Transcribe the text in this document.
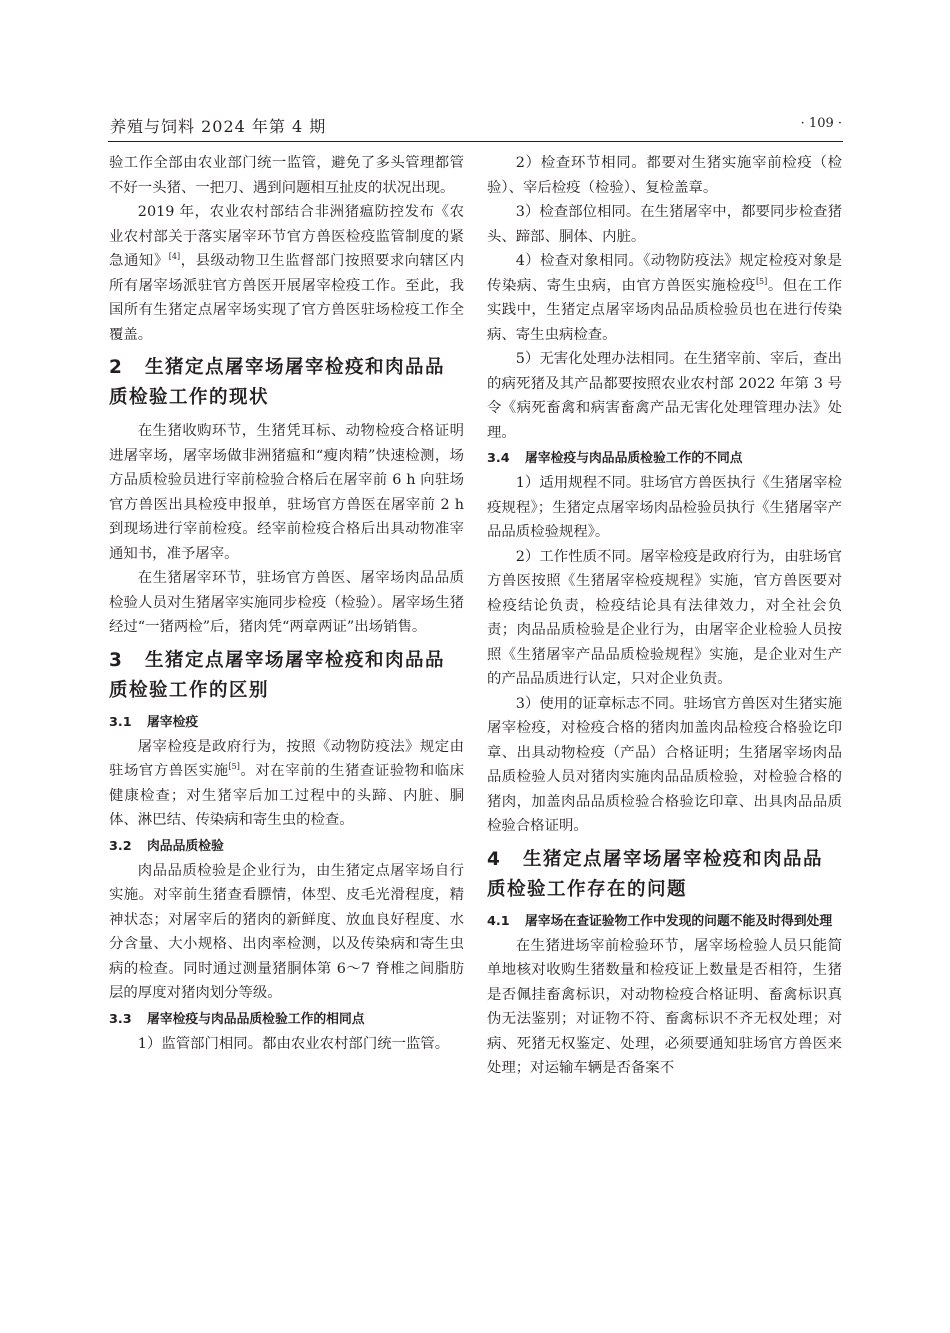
养殖与饲料 2024 年第 4 期	· 109 ·

验工作全部由农业部门统一监管，避免了多头管理都管不好一头猪、一把刀、遇到问题相互扯皮的状况出现。

2019 年，农业农村部结合非洲猪瘟防控发布《农业农村部关于落实屠宰环节官方兽医检疫监管制度的紧急通知》[4]，县级动物卫生监督部门按照要求向辖区内所有屠宰场派驻官方兽医开展屠宰检疫工作。至此，我国所有生猪定点屠宰场实现了官方兽医驻场检疫工作全覆盖。

2 生猪定点屠宰场屠宰检疫和肉品品质检验工作的现状

在生猪收购环节，生猪凭耳标、动物检疫合格证明进屠宰场，屠宰场做非洲猪瘟和“瘦肉精”快速检测，场方品质检验员进行宰前检验合格后在屠宰前 6 h 向驻场官方兽医出具检疫申报单，驻场官方兽医在屠宰前 2 h 到现场进行宰前检疫。经宰前检疫合格后出具动物准宰通知书，准予屠宰。

在生猪屠宰环节，驻场官方兽医、屠宰场肉品品质检验人员对生猪屠宰实施同步检疫（检验）。屠宰场生猪经过“一猪两检”后，猪肉凭“两章两证”出场销售。

3 生猪定点屠宰场屠宰检疫和肉品品质检验工作的区别
3.1 屠宰检疫

屠宰检疫是政府行为，按照《动物防疫法》规定由驻场官方兽医实施[5]。对在宰前的生猪查证验物和临床健康检查；对生猪宰后加工过程中的头蹄、内脏、胴体、淋巴结、传染病和寄生虫的检查。

3.2 肉品品质检验

肉品品质检验是企业行为，由生猪定点屠宰场自行实施。对宰前生猪查看膘情，体型、皮毛光滑程度，精神状态；对屠宰后的猪肉的新鲜度、放血良好程度、水分含量、大小规格、出肉率检测，以及传染病和寄生虫病的检查。同时通过测量猪胴体第 6～7 脊椎之间脂肪层的厚度对猪肉划分等级。

3.3 屠宰检疫与肉品品质检验工作的相同点

1）监管部门相同。都由农业农村部门统一监管。

2）检查环节相同。都要对生猪实施宰前检疫（检验）、宰后检疫（检验）、复检盖章。

3）检查部位相同。在生猪屠宰中，都要同步检查猪头、蹄部、胴体、内脏。

4）检查对象相同。《动物防疫法》规定检疫对象是传染病、寄生虫病，由官方兽医实施检疫[5]。但在工作实践中，生猪定点屠宰场肉品品质检验员也在进行传染病、寄生虫病检查。

5）无害化处理办法相同。在生猪宰前、宰后，查出的病死猪及其产品都要按照农业农村部 2022 年第 3 号令《病死畜禽和病害畜禽产品无害化处理管理办法》处理。

3.4 屠宰检疫与肉品品质检验工作的不同点

1）适用规程不同。驻场官方兽医执行《生猪屠宰检疫规程》；生猪定点屠宰场肉品检验员执行《生猪屠宰产品品质检验规程》。

2）工作性质不同。屠宰检疫是政府行为，由驻场官方兽医按照《生猪屠宰检疫规程》实施，官方兽医要对检疫结论负责，检疫结论具有法律效力，对全社会负责；肉品品质检验是企业行为，由屠宰企业检验人员按照《生猪屠宰产品品质检验规程》实施，是企业对生产的产品品质进行认定，只对企业负责。

3）使用的证章标志不同。驻场官方兽医对生猪实施屠宰检疫，对检疫合格的猪肉加盖肉品检疫合格验讫印章、出具动物检疫（产品）合格证明；生猪屠宰场肉品品质检验人员对猪肉实施肉品品质检验，对检验合格的猪肉，加盖肉品品质检验合格验讫印章、出具肉品品质检验合格证明。

4 生猪定点屠宰场屠宰检疫和肉品品质检验工作存在的问题
4.1 屠宰场在查证验物工作中发现的问题不能及时得到处理

在生猪进场宰前检验环节，屠宰场检验人员只能简单地核对收购生猪数量和检疫证上数量是否相符，生猪是否佩挂畜禽标识，对动物检疫合格证明、畜禽标识真伪无法鉴别；对证物不符、畜禽标识不齐无权处理；对病、死猪无权鉴定、处理，必须要通知驻场官方兽医来处理；对运输车辆是否备案不
